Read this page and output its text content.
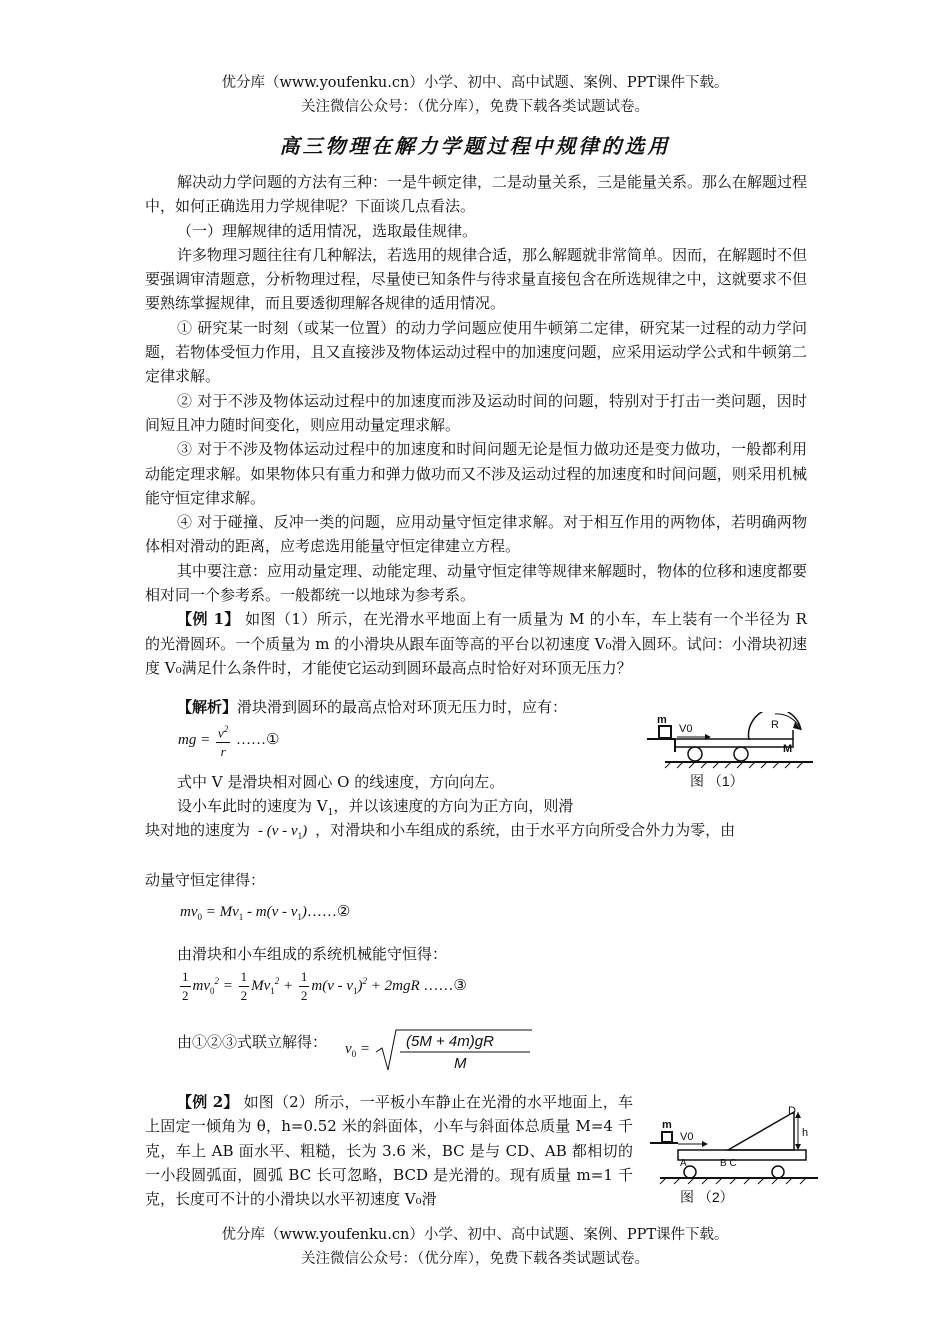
优分库（www.youfenku.cn）小学、初中、高中试题、案例、PPT课件下载。
关注微信公众号：（优分库），免费下载各类试题试卷。
高三物理在解力学题过程中规律的选用

解决动力学问题的方法有三种：一是牛顿定律，二是动量关系，三是能量关系。那么在解题过程中，如何正确选用力学规律呢？下面谈几点看法。

（一）理解规律的适用情况，选取最佳规律。

许多物理习题往往有几种解法，若选用的规律合适，那么解题就非常简单。因而，在解题时不但要强调审清题意，分析物理过程，尽量使已知条件与待求量直接包含在所选规律之中，这就要求不但要熟练掌握规律，而且要透彻理解各规律的适用情况。

① 研究某一时刻（或某一位置）的动力学问题应使用牛顿第二定律，研究某一过程的动力学问题，若物体受恒力作用，且又直接涉及物体运动过程中的加速度问题，应采用运动学公式和牛顿第二定律求解。

② 对于不涉及物体运动过程中的加速度而涉及运动时间的问题，特别对于打击一类问题，因时间短且冲力随时间变化，则应用动量定理求解。

③ 对于不涉及物体运动过程中的加速度和时间问题无论是恒力做功还是变力做功，一般都利用动能定理求解。如果物体只有重力和弹力做功而又不涉及运动过程的加速度和时间问题，则采用机械能守恒定律求解。

④ 对于碰撞、反冲一类的问题，应用动量守恒定律求解。对于相互作用的两物体，若明确两物体相对滑动的距离，应考虑选用能量守恒定律建立方程。

其中要注意：应用动量定理、动能定理、动量守恒定律等规律来解题时，物体的位移和速度都要相对同一个参考系。一般都统一以地球为参考系。

【例 1】 如图（1）所示，在光滑水平地面上有一质量为 M 的小车，车上装有一个半径为 R 的光滑圆环。一个质量为 m 的小滑块从跟车面等高的平台以初速度 V₀滑入圆环。试问：小滑块初速度 V₀满足什么条件时，才能使它运动到圆环最高点时恰好对环顶无压力？

【解析】滑块滑到圆环的最高点恰对环顶无压力时，应有：

mg = $\frac{v^2}{r}$ ……①

式中 V 是滑块相对圆心 O 的线速度，方向向左。

设小车此时的速度为 $V_1$，并以该速度的方向为正方向，则滑

块对地的速度为 - $(v - v_1)$ ，对滑块和小车组成的系统，由于水平方向所受合外力为零，由

动量守恒定律得：

$mv_0 = Mv_1 - m(v$ - $v_1)\dots\dots ②$

由滑块和小车组成的系统机械能守恒得：

$\frac{1}{2} mv_0^2 = \frac{1}{2} Mv_1^2 + \frac{1}{2} m(v - v_1)^2 + 2mgR$ ……③

由①②③式联立解得：	$v_0 = (5M + 4m)gR$
M

【例 2】 如图（2）所示，一平板小车静止在光滑的水平地面上，车上固定一倾角为 θ，h=0.52 米的斜面体，小车与斜面体总质量 M=4 千克，车上 AB 面水平、粗糙，长为 3.6 米，BC 是与 CD、AB 都相切的一小段圆弧面，圆弧 BC 长可忽略，BCD 是光滑的。现有质量 m=1 千克，长度可不计的小滑块以水平初速度 V₀滑

m
V0	R
M
图 （1）
D
h
m
V0
A	B C
图 （2）
优分库（www.youfenku.cn）小学、初中、高中试题、案例、PPT课件下载。
关注微信公众号：（优分库），免费下载各类试题试卷。
